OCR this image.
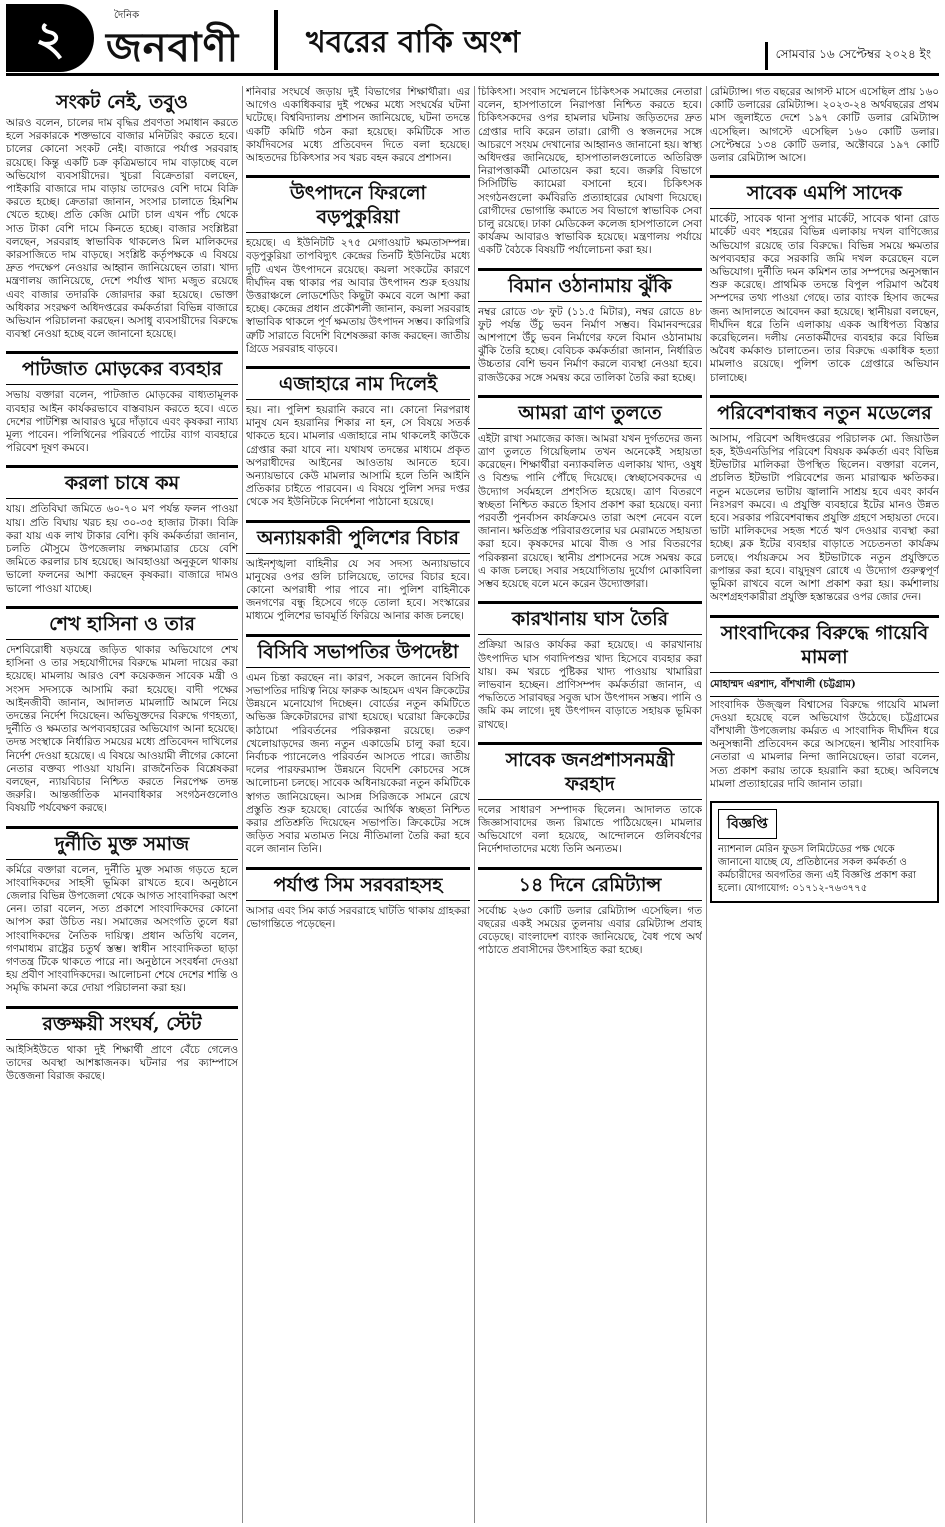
২	দৈনিক
জনবাণী খবরের বাকি অংশ	সোমবার ১৬ সেপ্টেম্বর ২০২৪ ইং
সংকট নেই, তবুও

আরও বলেন, চালের দাম বৃদ্ধির প্রবণতা সমাধান করতে হলে সরকারকে শক্তভাবে বাজার মনিটরিং করতে হবে। চালের কোনো সংকট নেই। বাজারে পর্যাপ্ত সরবরাহ রয়েছে। কিন্তু একটি চক্র কৃত্রিমভাবে দাম বাড়াচ্ছে বলে অভিযোগ ব্যবসায়ীদের। খুচরা বিক্রেতারা বলছেন, পাইকারি বাজারে দাম বাড়ায় তাদেরও বেশি দামে বিক্রি করতে হচ্ছে। ক্রেতারা জানান, সংসার চালাতে হিমশিম খেতে হচ্ছে। প্রতি কেজি মোটা চাল এখন পাঁচ থেকে সাত টাকা বেশি দামে কিনতে হচ্ছে। বাজার সংশ্লিষ্টরা বলছেন, সরবরাহ স্বাভাবিক থাকলেও মিল মালিকদের কারসাজিতে দাম বাড়ছে। সংশ্লিষ্ট কর্তৃপক্ষকে এ বিষয়ে দ্রুত পদক্ষেপ নেওয়ার আহ্বান জানিয়েছেন তারা। খাদ্য মন্ত্রণালয় জানিয়েছে, দেশে পর্যাপ্ত খাদ্য মজুত রয়েছে এবং বাজার তদারকি জোরদার করা হয়েছে। ভোক্তা অধিকার সংরক্ষণ অধিদপ্তরের কর্মকর্তারা বিভিন্ন বাজারে অভিযান পরিচালনা করছেন। অসাধু ব্যবসায়ীদের বিরুদ্ধে ব্যবস্থা নেওয়া হচ্ছে বলে জানানো হয়েছে।

পাটজাত মোড়কের ব্যবহার

সভায় বক্তারা বলেন, পাটজাত মোড়কের বাধ্যতামূলক ব্যবহার আইন কার্যকরভাবে বাস্তবায়ন করতে হবে। এতে দেশের পাটশিল্প আবারও ঘুরে দাঁড়াবে এবং কৃষকরা ন্যায্য মূল্য পাবেন। পলিথিনের পরিবর্তে পাটের ব্যাগ ব্যবহারে পরিবেশ দূষণ কমবে।

করলা চাষে কম

যায়। প্রতিবিঘা জমিতে ৬০-৭০ মণ পর্যন্ত ফলন পাওয়া যায়। প্রতি বিঘায় খরচ হয় ৩০-৩৫ হাজার টাকা। বিক্রি করা যায় এক লাখ টাকার বেশি। কৃষি কর্মকর্তারা জানান, চলতি মৌসুমে উপজেলায় লক্ষ্যমাত্রার চেয়ে বেশি জমিতে করলার চাষ হয়েছে। আবহাওয়া অনুকূলে থাকায় ভালো ফলনের আশা করছেন কৃষকরা। বাজারে দামও ভালো পাওয়া যাচ্ছে।

শেখ হাসিনা ও তার

দেশবিরোধী ষড়যন্ত্রে জড়িত থাকার অভিযোগে শেখ হাসিনা ও তার সহযোগীদের বিরুদ্ধে মামলা দায়ের করা হয়েছে। মামলায় আরও বেশ কয়েকজন সাবেক মন্ত্রী ও সংসদ সদস্যকে আসামি করা হয়েছে। বাদী পক্ষের আইনজীবী জানান, আদালত মামলাটি আমলে নিয়ে তদন্তের নির্দেশ দিয়েছেন। অভিযুক্তদের বিরুদ্ধে গণহত্যা, দুর্নীতি ও ক্ষমতার অপব্যবহারের অভিযোগ আনা হয়েছে। তদন্ত সংস্থাকে নির্ধারিত সময়ের মধ্যে প্রতিবেদন দাখিলের নির্দেশ দেওয়া হয়েছে। এ বিষয়ে আওয়ামী লীগের কোনো নেতার বক্তব্য পাওয়া যায়নি। রাজনৈতিক বিশ্লেষকরা বলছেন, ন্যায়বিচার নিশ্চিত করতে নিরপেক্ষ তদন্ত জরুরি। আন্তর্জাতিক মানবাধিকার সংগঠনগুলোও বিষয়টি পর্যবেক্ষণ করছে।

দুর্নীতি মুক্ত সমাজ

কর্মিরে বক্তারা বলেন, দুর্নীতি মুক্ত সমাজ গড়তে হলে সাংবাদিকদের সাহসী ভূমিকা রাখতে হবে। অনুষ্ঠানে জেলার বিভিন্ন উপজেলা থেকে আগত সাংবাদিকরা অংশ নেন। তারা বলেন, সত্য প্রকাশে সাংবাদিকদের কোনো আপস করা উচিত নয়। সমাজের অসংগতি তুলে ধরা সাংবাদিকদের নৈতিক দায়িত্ব। প্রধান অতিথি বলেন, গণমাধ্যম রাষ্ট্রের চতুর্থ স্তম্ভ। স্বাধীন সাংবাদিকতা ছাড়া গণতন্ত্র টিকে থাকতে পারে না। অনুষ্ঠানে সংবর্ধনা দেওয়া হয় প্রবীণ সাংবাদিকদের। আলোচনা শেষে দেশের শান্তি ও সমৃদ্ধি কামনা করে দোয়া পরিচালনা করা হয়।

রক্তক্ষয়ী সংঘর্ষ, স্টেট

আইসিইউতে থাকা দুই শিক্ষার্থী প্রাণে বেঁচে গেলেও তাদের অবস্থা আশঙ্কাজনক। ঘটনার পর ক্যাম্পাসে উত্তেজনা বিরাজ করছে।

শনিবার সংঘর্ষে জড়ায় দুই বিভাগের শিক্ষার্থীরা। এর আগেও একাধিকবার দুই পক্ষের মধ্যে সংঘর্ষের ঘটনা ঘটেছে। বিশ্ববিদ্যালয় প্রশাসন জানিয়েছে, ঘটনা তদন্তে একটি কমিটি গঠন করা হয়েছে। কমিটিকে সাত কার্যদিবসের মধ্যে প্রতিবেদন দিতে বলা হয়েছে। আহতদের চিকিৎসার সব খরচ বহন করবে প্রশাসন।

উৎপাদনে ফিরলো বড়পুকুরিয়া

হয়েছে। এ ইউনিটটি ২৭৫ মেগাওয়াট ক্ষমতাসম্পন্ন। বড়পুকুরিয়া তাপবিদ্যুৎ কেন্দ্রের তিনটি ইউনিটের মধ্যে দুটি এখন উৎপাদনে রয়েছে। কয়লা সংকটের কারণে দীর্ঘদিন বন্ধ থাকার পর আবার উৎপাদন শুরু হওয়ায় উত্তরাঞ্চলে লোডশেডিং কিছুটা কমবে বলে আশা করা হচ্ছে। কেন্দ্রের প্রধান প্রকৌশলী জানান, কয়লা সরবরাহ স্বাভাবিক থাকলে পূর্ণ ক্ষমতায় উৎপাদন সম্ভব। কারিগরি ত্রুটি সারাতে বিদেশি বিশেষজ্ঞরা কাজ করছেন। জাতীয় গ্রিডে সরবরাহ বাড়বে।

এজাহারে নাম দিলেই

হয়। না। পুলিশ হয়রানি করবে না। কোনো নিরপরাধ মানুষ যেন হয়রানির শিকার না হন, সে বিষয়ে সতর্ক থাকতে হবে। মামলার এজাহারে নাম থাকলেই কাউকে গ্রেপ্তার করা যাবে না। যথাযথ তদন্তের মাধ্যমে প্রকৃত অপরাধীদের আইনের আওতায় আনতে হবে। অন্যায়ভাবে কেউ মামলার আসামি হলে তিনি আইনি প্রতিকার চাইতে পারবেন। এ বিষয়ে পুলিশ সদর দপ্তর থেকে সব ইউনিটকে নির্দেশনা পাঠানো হয়েছে।

অন্যায়কারী পুলিশের বিচার

আইনশৃঙ্খলা বাহিনীর যে সব সদস্য অন্যায়ভাবে মানুষের ওপর গুলি চালিয়েছে, তাদের বিচার হবে। কোনো অপরাধী পার পাবে না। পুলিশ বাহিনীকে জনগণের বন্ধু হিসেবে গড়ে তোলা হবে। সংস্কারের মাধ্যমে পুলিশের ভাবমূর্তি ফিরিয়ে আনার কাজ চলছে।

বিসিবি সভাপতির উপদেষ্টা

এমন চিন্তা করছেন না। কারণ, সকলে জানেন বিসিবি সভাপতির দায়িত্ব নিয়ে ফারুক আহমেদ এখন ক্রিকেটের উন্নয়নে মনোযোগ দিচ্ছেন। বোর্ডের নতুন কমিটিতে অভিজ্ঞ ক্রিকেটারদের রাখা হয়েছে। ঘরোয়া ক্রিকেটের কাঠামো পরিবর্তনের পরিকল্পনা রয়েছে। তরুণ খেলোয়াড়দের জন্য নতুন একাডেমি চালু করা হবে। নির্বাচক প্যানেলেও পরিবর্তন আসতে পারে। জাতীয় দলের পারফরম্যান্স উন্নয়নে বিদেশি কোচদের সঙ্গে আলোচনা চলছে। সাবেক অধিনায়কেরা নতুন কমিটিকে স্বাগত জানিয়েছেন। আসন্ন সিরিজকে সামনে রেখে প্রস্তুতি শুরু হয়েছে। বোর্ডের আর্থিক স্বচ্ছতা নিশ্চিত করার প্রতিশ্রুতি দিয়েছেন সভাপতি। ক্রিকেটের সঙ্গে জড়িত সবার মতামত নিয়ে নীতিমালা তৈরি করা হবে বলে জানান তিনি।

পর্যাপ্ত সিম সরবরাহসহ

আসার এবং সিম কার্ড সরবরাহে ঘাটতি থাকায় গ্রাহকরা ভোগান্তিতে পড়েছেন।

চিকিৎসা। সংবাদ সম্মেলনে চিকিৎসক সমাজের নেতারা বলেন, হাসপাতালে নিরাপত্তা নিশ্চিত করতে হবে। চিকিৎসকদের ওপর হামলার ঘটনায় জড়িতদের দ্রুত গ্রেপ্তার দাবি করেন তারা। রোগী ও স্বজনদের সঙ্গে আচরণে সংযম দেখানোর আহ্বানও জানানো হয়। স্বাস্থ্য অধিদপ্তর জানিয়েছে, হাসপাতালগুলোতে অতিরিক্ত নিরাপত্তাকর্মী মোতায়েন করা হবে। জরুরি বিভাগে সিসিটিভি ক্যামেরা বসানো হবে। চিকিৎসক সংগঠনগুলো কর্মবিরতি প্রত্যাহারের ঘোষণা দিয়েছে। রোগীদের ভোগান্তি কমাতে সব বিভাগে স্বাভাবিক সেবা চালু রয়েছে। ঢাকা মেডিকেল কলেজ হাসপাতালে সেবা কার্যক্রম আবারও স্বাভাবিক হয়েছে। মন্ত্রণালয় পর্যায়ে একটি বৈঠকে বিষয়টি পর্যালোচনা করা হয়।

বিমান ওঠানামায় ঝুঁকি

নম্বর রোডে ৩৮ ফুট (১১.৫ মিটার), নম্বর রোডে ৪৮ ফুট পর্যন্ত উঁচু ভবন নির্মাণ সম্ভব। বিমানবন্দরের আশপাশে উঁচু ভবন নির্মাণের ফলে বিমান ওঠানামায় ঝুঁকি তৈরি হচ্ছে। বেবিচক কর্মকর্তারা জানান, নির্ধারিত উচ্চতার বেশি ভবন নির্মাণ করলে ব্যবস্থা নেওয়া হবে। রাজউকের সঙ্গে সমন্বয় করে তালিকা তৈরি করা হচ্ছে।

আমরা ত্রাণ তুলতে

এইটা রাখা সমাজের কাজ। আমরা যখন দুর্গতদের জন্য ত্রাণ তুলতে গিয়েছিলাম তখন অনেকেই সহায়তা করেছেন। শিক্ষার্থীরা বন্যাকবলিত এলাকায় খাদ্য, ওষুধ ও বিশুদ্ধ পানি পৌঁছে দিয়েছে। স্বেচ্ছাসেবকদের এ উদ্যোগ সর্বমহলে প্রশংসিত হয়েছে। ত্রাণ বিতরণে স্বচ্ছতা নিশ্চিত করতে হিসাব প্রকাশ করা হয়েছে। বন্যা পরবর্তী পুনর্বাসন কার্যক্রমেও তারা অংশ নেবেন বলে জানান। ক্ষতিগ্রস্ত পরিবারগুলোর ঘর মেরামতে সহায়তা করা হবে। কৃষকদের মাঝে বীজ ও সার বিতরণের পরিকল্পনা রয়েছে। স্থানীয় প্রশাসনের সঙ্গে সমন্বয় করে এ কাজ চলছে। সবার সহযোগিতায় দুর্যোগ মোকাবিলা সম্ভব হয়েছে বলে মনে করেন উদ্যোক্তারা।

কারখানায় ঘাস তৈরি

প্রক্রিয়া আরও কার্যকর করা হয়েছে। এ কারখানায় উৎপাদিত ঘাস গবাদিপশুর খাদ্য হিসেবে ব্যবহার করা যায়। কম খরচে পুষ্টিকর খাদ্য পাওয়ায় খামারিরা লাভবান হচ্ছেন। প্রাণিসম্পদ কর্মকর্তারা জানান, এ পদ্ধতিতে সারাবছর সবুজ ঘাস উৎপাদন সম্ভব। পানি ও জমি কম লাগে। দুধ উৎপাদন বাড়াতে সহায়ক ভূমিকা রাখছে।

সাবেক জনপ্রশাসনমন্ত্রী ফরহাদ

দলের সাধারণ সম্পাদক ছিলেন। আদালত তাকে জিজ্ঞাসাবাদের জন্য রিমান্ডে পাঠিয়েছেন। মামলার অভিযোগে বলা হয়েছে, আন্দোলনে গুলিবর্ষণের নির্দেশদাতাদের মধ্যে তিনি অন্যতম।

১৪ দিনে রেমিট্যান্স

সর্বোচ্চ ২৬৩ কোটি ডলার রেমিট্যান্স এসেছিল। গত বছরের একই সময়ের তুলনায় এবার রেমিট্যান্স প্রবাহ বেড়েছে। বাংলাদেশ ব্যাংক জানিয়েছে, বৈধ পথে অর্থ পাঠাতে প্রবাসীদের উৎসাহিত করা হচ্ছে।

রেমিট্যান্স। গত বছরের আগস্ট মাসে এসেছিল প্রায় ১৬০ কোটি ডলারের রেমিট্যান্স। ২০২৩-২৪ অর্থবছরের প্রথম মাস জুলাইতে দেশে ১৯৭ কোটি ডলার রেমিট্যান্স এসেছিল। আগস্টে এসেছিল ১৬০ কোটি ডলার। সেপ্টেম্বরে ১৩৪ কোটি ডলার, অক্টোবরে ১৯৭ কোটি ডলার রেমিট্যান্স আসে।

সাবেক এমপি সাদেক

মার্কেট, সাবেক থানা সুপার মার্কেট, সাবেক থানা রোড মার্কেট এবং শহরের বিভিন্ন এলাকায় দখল বাণিজ্যের অভিযোগ রয়েছে তার বিরুদ্ধে। বিভিন্ন সময়ে ক্ষমতার অপব্যবহার করে সরকারি জমি দখল করেছেন বলে অভিযোগ। দুর্নীতি দমন কমিশন তার সম্পদের অনুসন্ধান শুরু করেছে। প্রাথমিক তদন্তে বিপুল পরিমাণ অবৈধ সম্পদের তথ্য পাওয়া গেছে। তার ব্যাংক হিসাব জব্দের জন্য আদালতে আবেদন করা হয়েছে। স্থানীয়রা বলছেন, দীর্ঘদিন ধরে তিনি এলাকায় একক আধিপত্য বিস্তার করেছিলেন। দলীয় নেতাকর্মীদের ব্যবহার করে বিভিন্ন অবৈধ কর্মকাণ্ড চালাতেন। তার বিরুদ্ধে একাধিক হত্যা মামলাও রয়েছে। পুলিশ তাকে গ্রেপ্তারে অভিযান চালাচ্ছে।

পরিবেশবান্ধব নতুন মডেলের

আসাম, পরিবেশ অধিদপ্তরের পরিচালক মো. জিয়াউল হক, ইউএনডিপির পরিবেশ বিষয়ক কর্মকর্তা এবং বিভিন্ন ইটভাটার মালিকরা উপস্থিত ছিলেন। বক্তারা বলেন, প্রচলিত ইটভাটা পরিবেশের জন্য মারাত্মক ক্ষতিকর। নতুন মডেলের ভাটায় জ্বালানি সাশ্রয় হবে এবং কার্বন নিঃসরণ কমবে। এ প্রযুক্তি ব্যবহারে ইটের মানও উন্নত হবে। সরকার পরিবেশবান্ধব প্রযুক্তি গ্রহণে সহায়তা দেবে। ভাটা মালিকদের সহজ শর্তে ঋণ দেওয়ার ব্যবস্থা করা হচ্ছে। ব্লক ইটের ব্যবহার বাড়াতে সচেতনতা কার্যক্রম চলছে। পর্যায়ক্রমে সব ইটভাটাকে নতুন প্রযুক্তিতে রূপান্তর করা হবে। বায়ুদূষণ রোধে এ উদ্যোগ গুরুত্বপূর্ণ ভূমিকা রাখবে বলে আশা প্রকাশ করা হয়। কর্মশালায় অংশগ্রহণকারীরা প্রযুক্তি হস্তান্তরের ওপর জোর দেন।

সাংবাদিকের বিরুদ্ধে গায়েবি মামলা
মোহাম্মদ এরশাদ, বাঁশখালী (চট্টগ্রাম)

সাংবাদিক উজ্জ্বল বিশ্বাসের বিরুদ্ধে গায়েবি মামলা দেওয়া হয়েছে বলে অভিযোগ উঠেছে। চট্টগ্রামের বাঁশখালী উপজেলায় কর্মরত এ সাংবাদিক দীর্ঘদিন ধরে অনুসন্ধানী প্রতিবেদন করে আসছেন। স্থানীয় সাংবাদিক নেতারা এ মামলার নিন্দা জানিয়েছেন। তারা বলেন, সত্য প্রকাশ করায় তাকে হয়রানি করা হচ্ছে। অবিলম্বে মামলা প্রত্যাহারের দাবি জানান তারা।

বিজ্ঞপ্তি

ন্যাশনাল মেরিন ফুডস লিমিটেডের পক্ষ থেকে জানানো যাচ্ছে যে, প্রতিষ্ঠানের সকল কর্মকর্তা ও কর্মচারীদের অবগতির জন্য এই বিজ্ঞপ্তি প্রকাশ করা হলো। যোগাযোগ: ০১৭১২-৭৬৩৭৭৫
